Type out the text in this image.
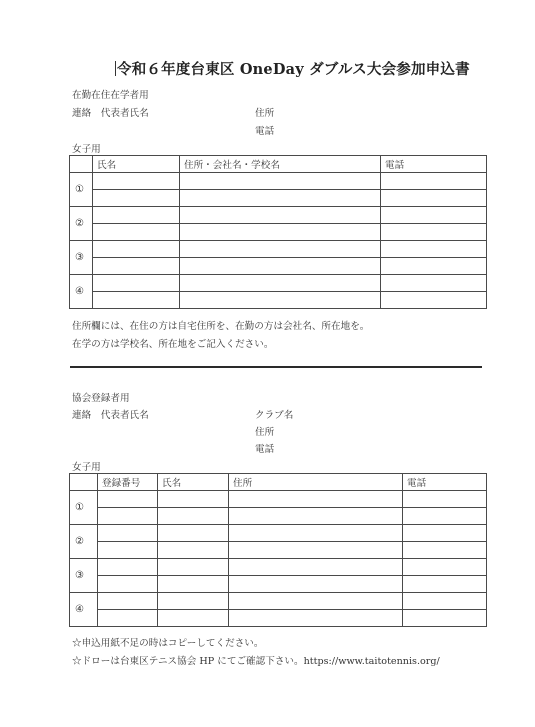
令和６年度台東区 OneDay ダブルス大会参加申込書
在勤在住在学者用
連絡　代表者氏名	住所
電話
女子用
	氏名	住所・会社名・学校名	電話
①			

②			

③			

④			

住所欄には、在住の方は自宅住所を、在勤の方は会社名、所在地を。
在学の方は学校名、所在地をご記入ください。
協会登録者用
連絡　代表者氏名	クラブ名
住所
電話
女子用
	登録番号	氏名	住所	電話
①				

②				

③				

④				

☆申込用紙不足の時はコピーしてください。
☆ドローは台東区テニス協会 HP にてご確認下さい。https://www.taitotennis.org/
